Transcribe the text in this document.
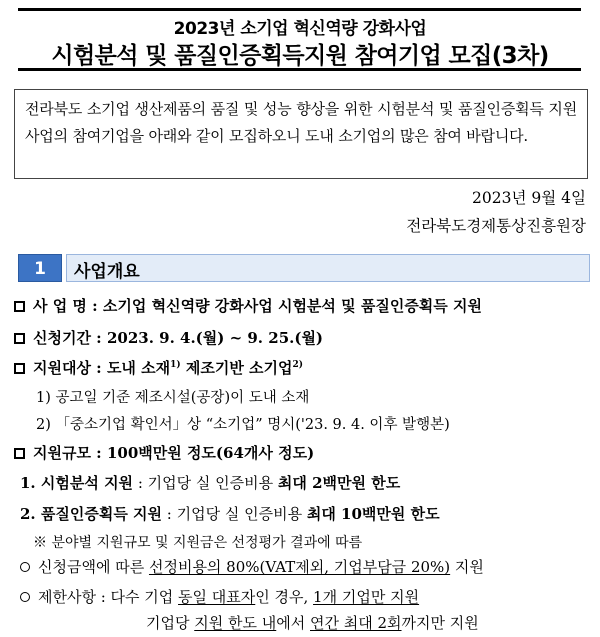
2023년 소기업 혁신역량 강화사업
시험분석 및 품질인증획득지원 참여기업 모집(3차)
전라북도 소기업 생산제품의 품질 및 성능 향상을 위한 시험분석 및 품질인증획득 지원사업의 참여기업을 아래와 같이 모집하오니 도내 소기업의 많은 참여 바랍니다.
2023년 9월 4일
전라북도경제통상진흥원장
1	사업개요
사 업 명 : 소기업 혁신역량 강화사업 시험분석 및 품질인증획득 지원
신청기간 : 2023. 9. 4.(월) ~ 9. 25.(월)
지원대상 : 도내 소재$^{1)}$ 제조기반 소기업$^{2)}$
1) 공고일 기준 제조시설(공장)이 도내 소재
2) 「중소기업 확인서」상 “소기업” 명시('23. 9. 4. 이후 발행본)
지원규모 : 100백만원 정도(64개사 정도)
1. 시험분석 지원 : 기업당 실 인증비용 최대 2백만원 한도
2. 품질인증획득 지원 : 기업당 실 인증비용 최대 10백만원 한도
※ 분야별 지원규모 및 지원금은 선정평가 결과에 따름
신청금액에 따른 선정비용의 80%(VAT제외, 기업부담금 20%) 지원
제한사항 : 다수 기업 동일 대표자인 경우, 1개 기업만 지원
기업당 지원 한도 내에서 연간 최대 2회까지만 지원
